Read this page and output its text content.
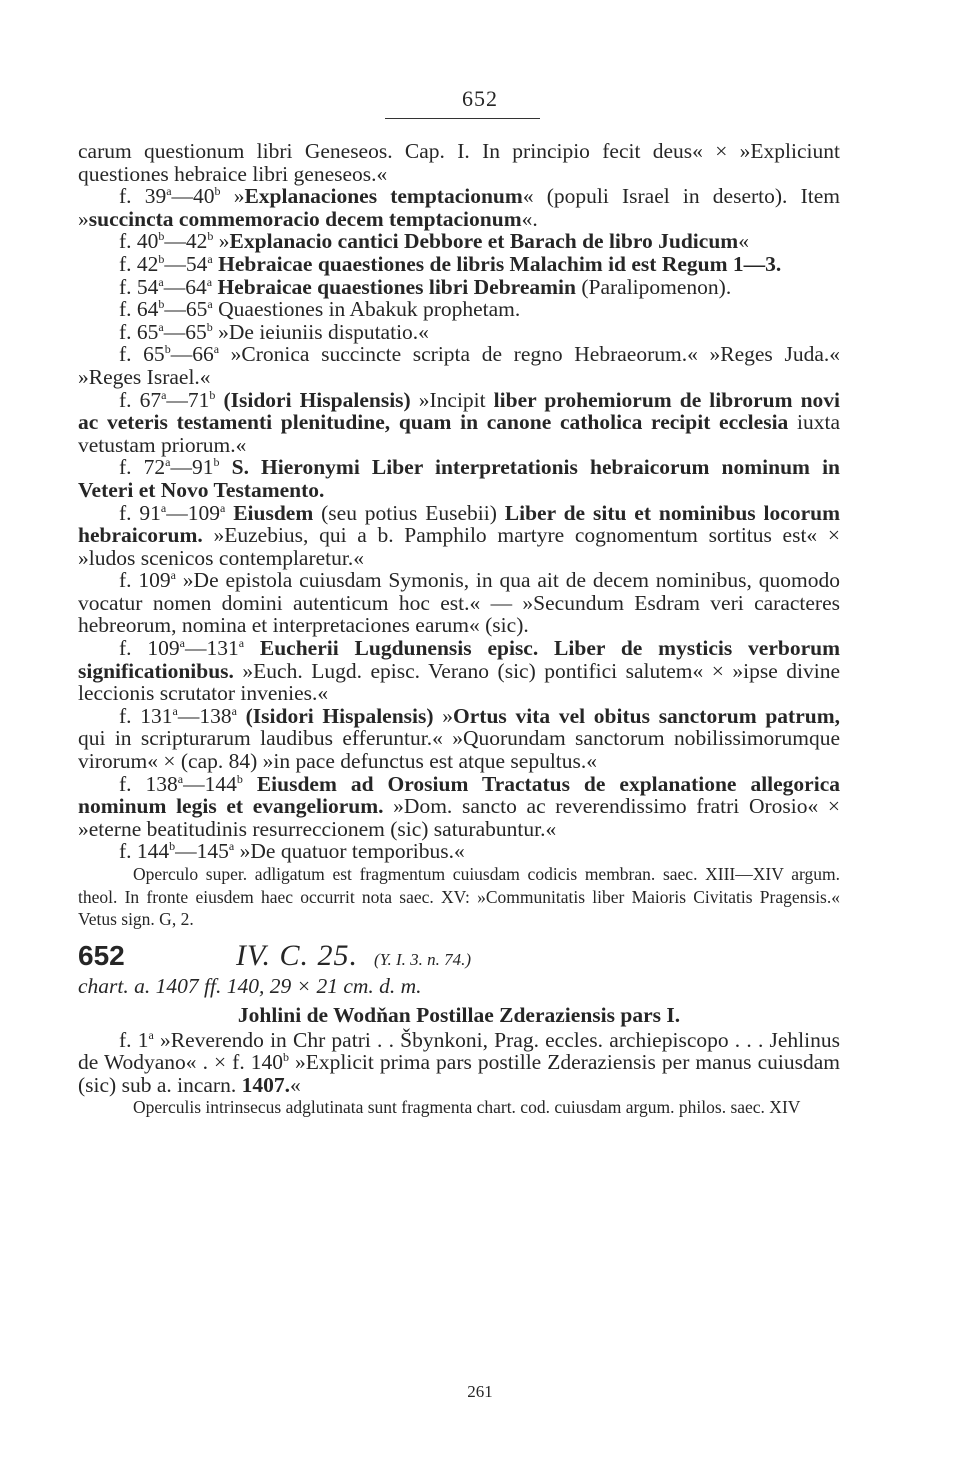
652

carum questionum libri Geneseos. Cap. I. In principio fecit deus« × »Expliciunt questiones hebraice libri geneseos.«

f. 39$^a$—40$^b$ »Explanaciones temptacionum« (populi Israel in deserto). Item »succincta commemoracio decem temptacionum«.

f. 40$^b$—42$^b$ »Explanacio cantici Debbore et Barach de libro Judicum«

f. 42$^b$—54$^a$ Hebraicae quaestiones de libris Malachim id est Regum 1—3.

f. 54$^a$—64$^a$ Hebraicae quaestiones libri Debreamin (Paralipomenon).

f. 64$^b$—65$^a$ Quaestiones in Abakuk prophetam.

f. 65$^a$—65$^b$ »De ieiuniis disputatio.«

f. 65$^b$—66$^a$ »Cronica succincte scripta de regno Hebraeorum.« »Reges Juda.« »Reges Israel.«

f. 67$^a$—71$^b$ (Isidori Hispalensis) »Incipit liber prohemiorum de librorum novi ac veteris testamenti plenitudine, quam in canone catholica recipit ecclesia iuxta vetustam priorum.«

f. 72$^a$—91$^b$ S. Hieronymi Liber interpretationis hebraicorum nominum in Veteri et Novo Testamento.

f. 91$^a$—109$^a$ Eiusdem (seu potius Eusebii) Liber de situ et nominibus locorum hebraicorum. »Euzebius, qui a b. Pamphilo martyre cognomentum sortitus est« × »ludos scenicos contemplaretur.«

f. 109$^a$ »De epistola cuiusdam Symonis, in qua ait de decem nominibus, quomodo vocatur nomen domini autenticum hoc est.« — »Secundum Esdram veri caracteres hebreorum, nomina et interpretaciones earum« (sic).

f. 109$^a$—131$^a$ Eucherii Lugdunensis episc. Liber de mysticis verborum significationibus. »Euch. Lugd. episc. Verano (sic) pontifici salutem« × »ipse divine leccionis scrutator invenies.«

f. 131$^a$—138$^a$ (Isidori Hispalensis) »Ortus vita vel obitus sanctorum patrum, qui in scripturarum laudibus efferuntur.« »Quorundam sanctorum nobilissimorumque virorum« × (cap. 84) »in pace defunctus est atque sepultus.«

f. 138$^a$—144$^b$ Eiusdem ad Orosium Tractatus de explanatione allegorica nominum legis et evangeliorum. »Dom. sancto ac reverendissimo fratri Orosio« × »eterne beatitudinis resurreccionem (sic) saturabuntur.«

f. 144$^b$—145$^a$ »De quatuor temporibus.«

Operculo super. adligatum est fragmentum cuiusdam codicis membran. saec. XIII—XIV argum. theol. In fronte eiusdem haec occurrit nota saec. XV: »Communitatis liber Maioris Civitatis Pragensis.« Vetus sign. G, 2.

652	IV. C. 25. (Y. I. 3. n. 74.)
chart. a. 1407 ff. 140, 29 × 21 cm. d. m.
Johlini de Wodňan Postillae Zderaziensis pars I.

f. 1$^a$ »Reverendo in Chr patri . . Šbynkoni, Prag. eccles. archiepiscopo . . . Jehlinus de Wodyano« . × f. 140$^b$ »Explicit prima pars postille Zderaziensis per manus cuiusdam (sic) sub a. incarn. 1407.«

Operculis intrinsecus adglutinata sunt fragmenta chart. cod. cuiusdam argum. philos. saec. XIV

261
